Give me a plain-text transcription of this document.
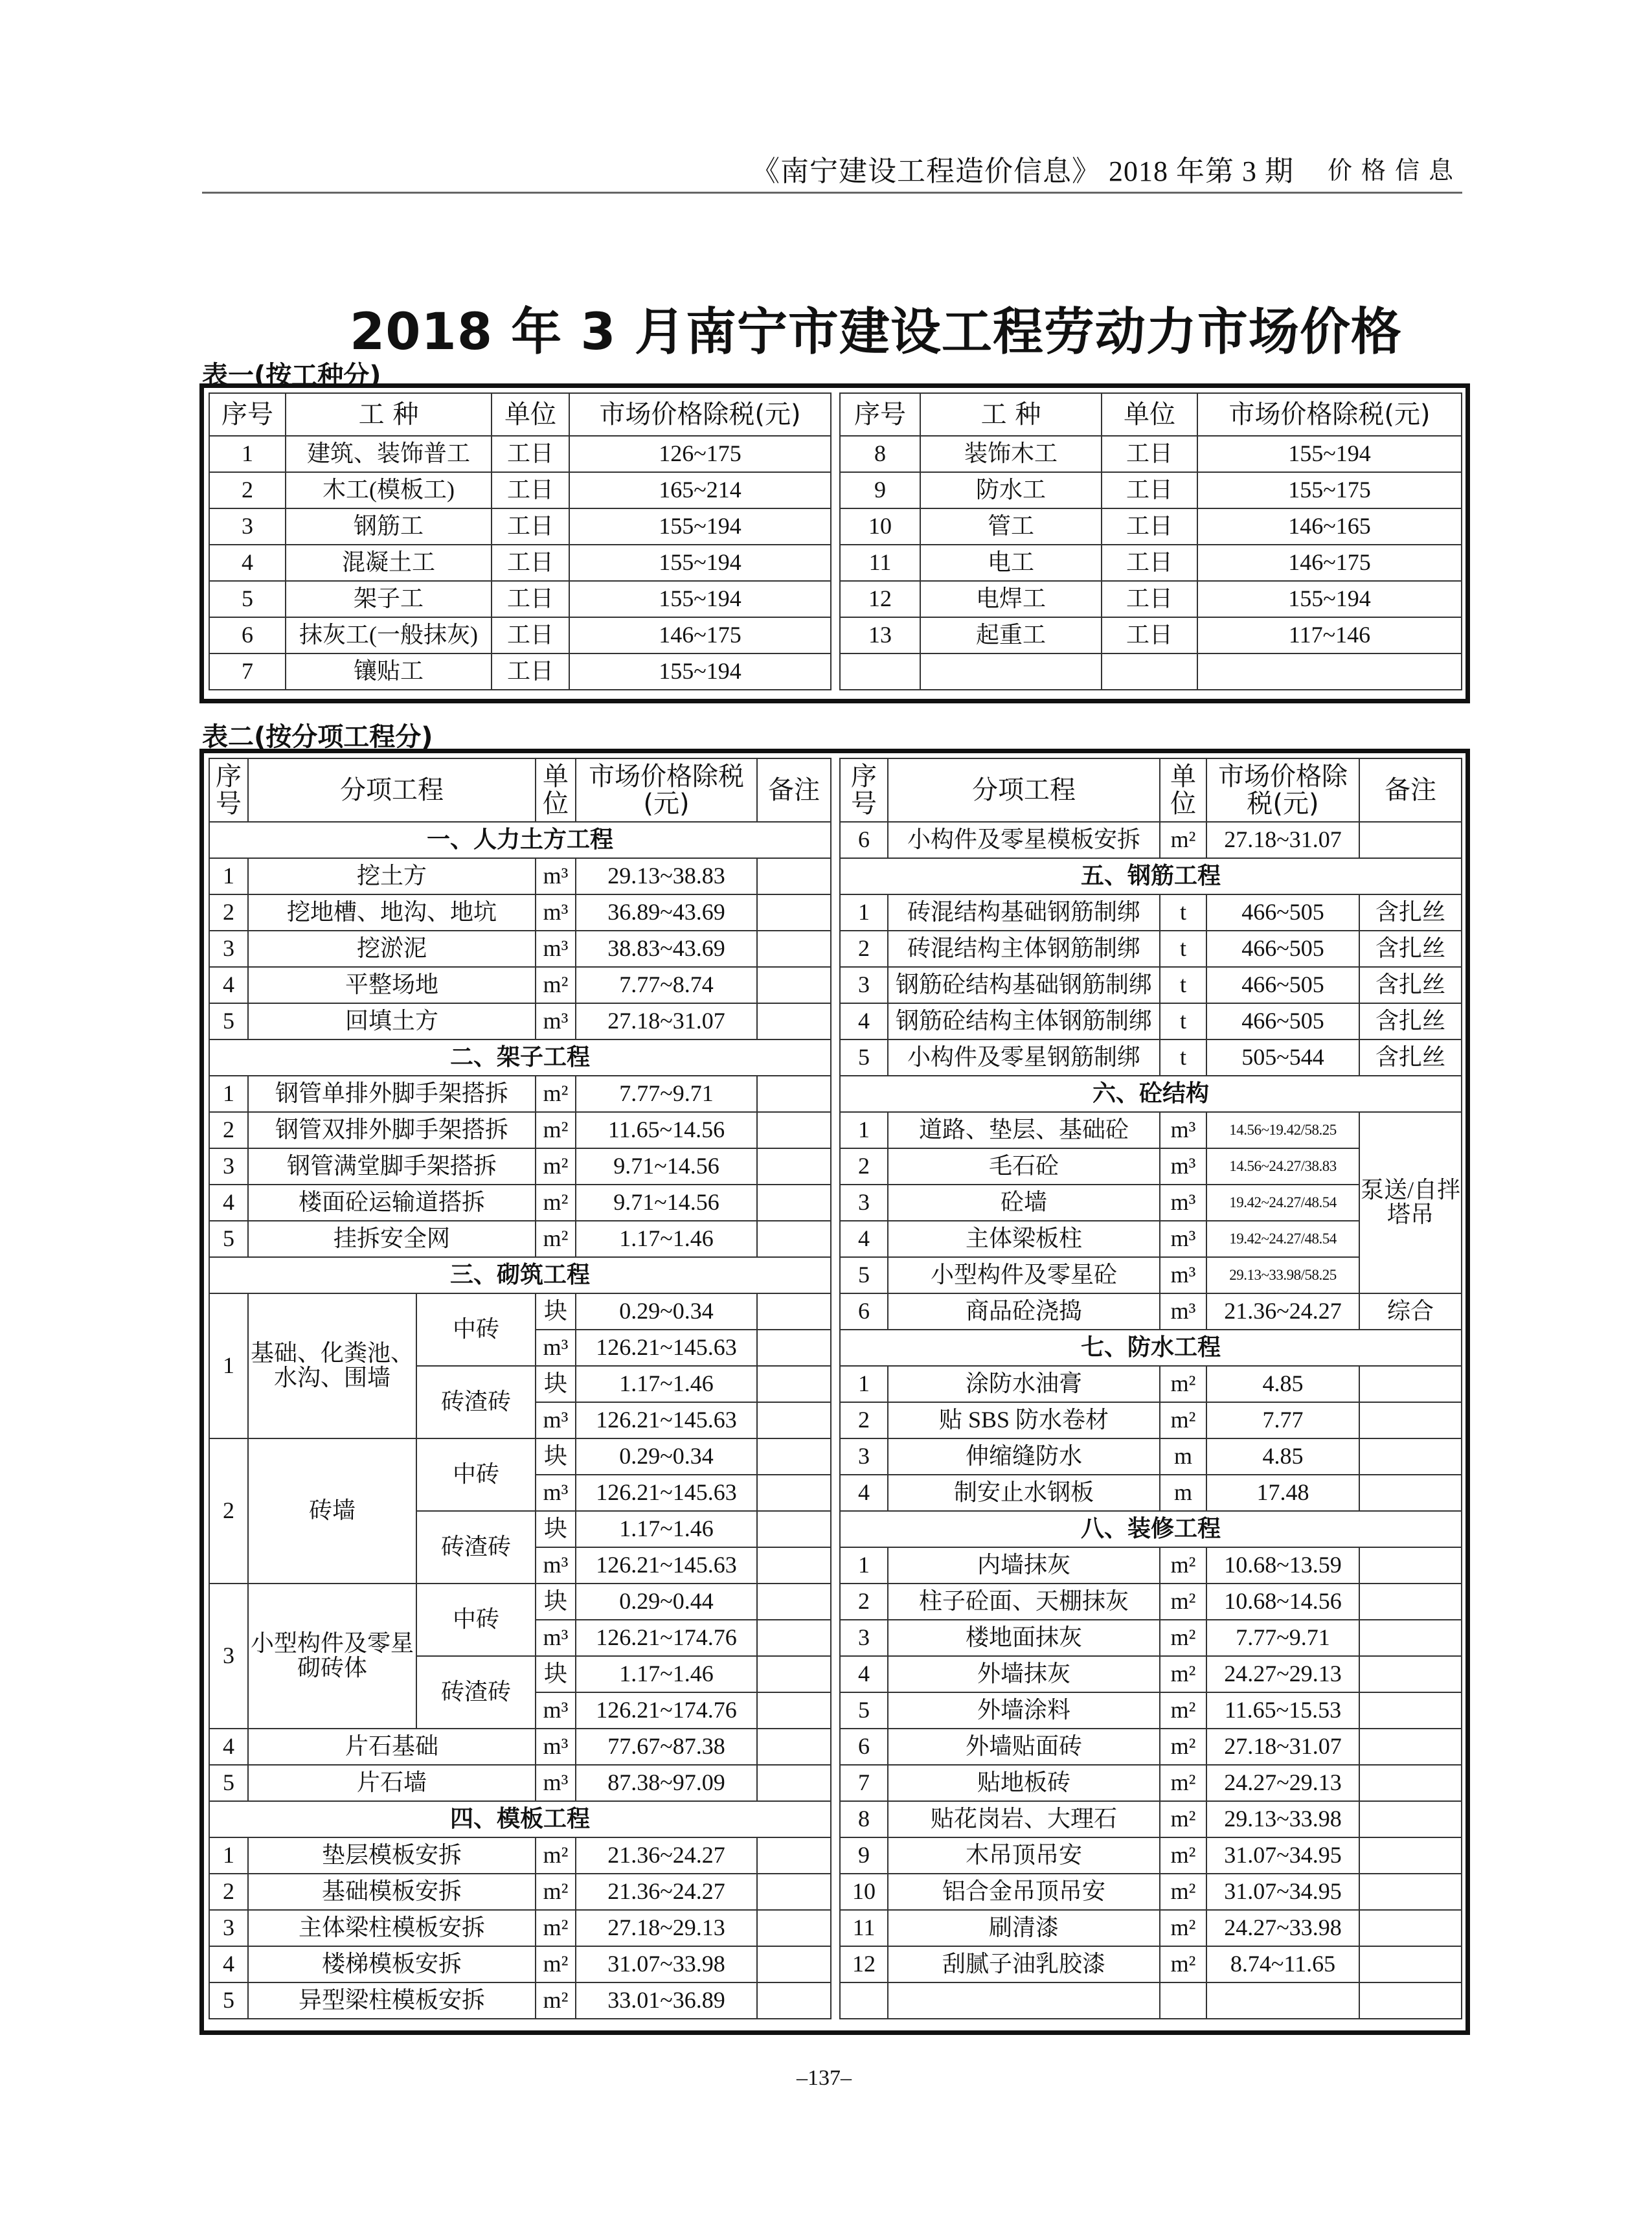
《南宁建设工程造价信息》 2018 年第 3 期 价格信息
2018 年 3 月南宁市建设工程劳动力市场价格
表一(按工种分)
序号	工 种	单位	市场价格除税(元)
1	建筑、装饰普工	工日	126~175
2	木工(模板工)	工日	165~214
3	钢筋工	工日	155~194
4	混凝土工	工日	155~194
5	架子工	工日	155~194
6	抹灰工(一般抹灰)	工日	146~175
7	镶贴工	工日	155~194
序号	工 种	单位	市场价格除税(元)
8	装饰木工	工日	155~194
9	防水工	工日	155~175
10	管工	工日	146~165
11	电工	工日	146~175
12	电焊工	工日	155~194
13	起重工	工日	117~146

表二(按分项工程分)
序号	分项工程		单位	市场价格除税(元)	备注
一、人力土方工程					
1	挖土方		m³	29.13~38.83	
2	挖地槽、地沟、地坑		m³	36.89~43.69	
3	挖淤泥		m³	38.83~43.69	
4	平整场地		m²	7.77~8.74	
5	回填土方		m³	27.18~31.07	
二、架子工程					
1	钢管单排外脚手架搭拆		m²	7.77~9.71	
2	钢管双排外脚手架搭拆		m²	11.65~14.56	
3	钢管满堂脚手架搭拆		m²	9.71~14.56	
4	楼面砼运输道搭拆		m²	9.71~14.56	
5	挂拆安全网		m²	1.17~1.46	
三、砌筑工程					
1	基础、化粪池、水沟、围墙	中砖	块	0.29~0.34	
			m³	126.21~145.63	
		砖渣砖	块	1.17~1.46	
			m³	126.21~145.63	
2	砖墙	中砖	块	0.29~0.34	
			m³	126.21~145.63	
		砖渣砖	块	1.17~1.46	
			m³	126.21~145.63	
3	小型构件及零星砌砖体	中砖	块	0.29~0.44	
			m³	126.21~174.76	
		砖渣砖	块	1.17~1.46	
			m³	126.21~174.76	
4	片石基础		m³	77.67~87.38	
5	片石墙		m³	87.38~97.09	
四、模板工程					
1	垫层模板安拆		m²	21.36~24.27	
2	基础模板安拆		m²	21.36~24.27	
3	主体梁柱模板安拆		m²	27.18~29.13	
4	楼梯模板安拆		m²	31.07~33.98	
5	异型梁柱模板安拆		m²	33.01~36.89	
序号	分项工程	单位	市场价格除税(元)	备注
6	小构件及零星模板安拆	m²	27.18~31.07	
五、钢筋工程				
1	砖混结构基础钢筋制绑	t	466~505	含扎丝
2	砖混结构主体钢筋制绑	t	466~505	含扎丝
3	钢筋砼结构基础钢筋制绑	t	466~505	含扎丝
4	钢筋砼结构主体钢筋制绑	t	466~505	含扎丝
5	小构件及零星钢筋制绑	t	505~544	含扎丝
六、砼结构				
1	道路、垫层、基础砼	m³	14.56~19.42/58.25	泵送/自拌塔吊
2	毛石砼	m³	14.56~24.27/38.83	
3	砼墙	m³	19.42~24.27/48.54	
4	主体梁板柱	m³	19.42~24.27/48.54	
5	小型构件及零星砼	m³	29.13~33.98/58.25	
6	商品砼浇捣	m³	21.36~24.27	综合
七、防水工程				
1	涂防水油膏	m²	4.85	
2	贴 SBS 防水卷材	m²	7.77	
3	伸缩缝防水	m	4.85	
4	制安止水钢板	m	17.48	
八、装修工程				
1	内墙抹灰	m²	10.68~13.59	
2	柱子砼面、天棚抹灰	m²	10.68~14.56	
3	楼地面抹灰	m²	7.77~9.71	
4	外墙抹灰	m²	24.27~29.13	
5	外墙涂料	m²	11.65~15.53	
6	外墙贴面砖	m²	27.18~31.07	
7	贴地板砖	m²	24.27~29.13	
8	贴花岗岩、大理石	m²	29.13~33.98	
9	木吊顶吊安	m²	31.07~34.95	
10	铝合金吊顶吊安	m²	31.07~34.95	
11	刷清漆	m²	24.27~33.98	
12	刮腻子油乳胶漆	m²	8.74~11.65	

–137–
